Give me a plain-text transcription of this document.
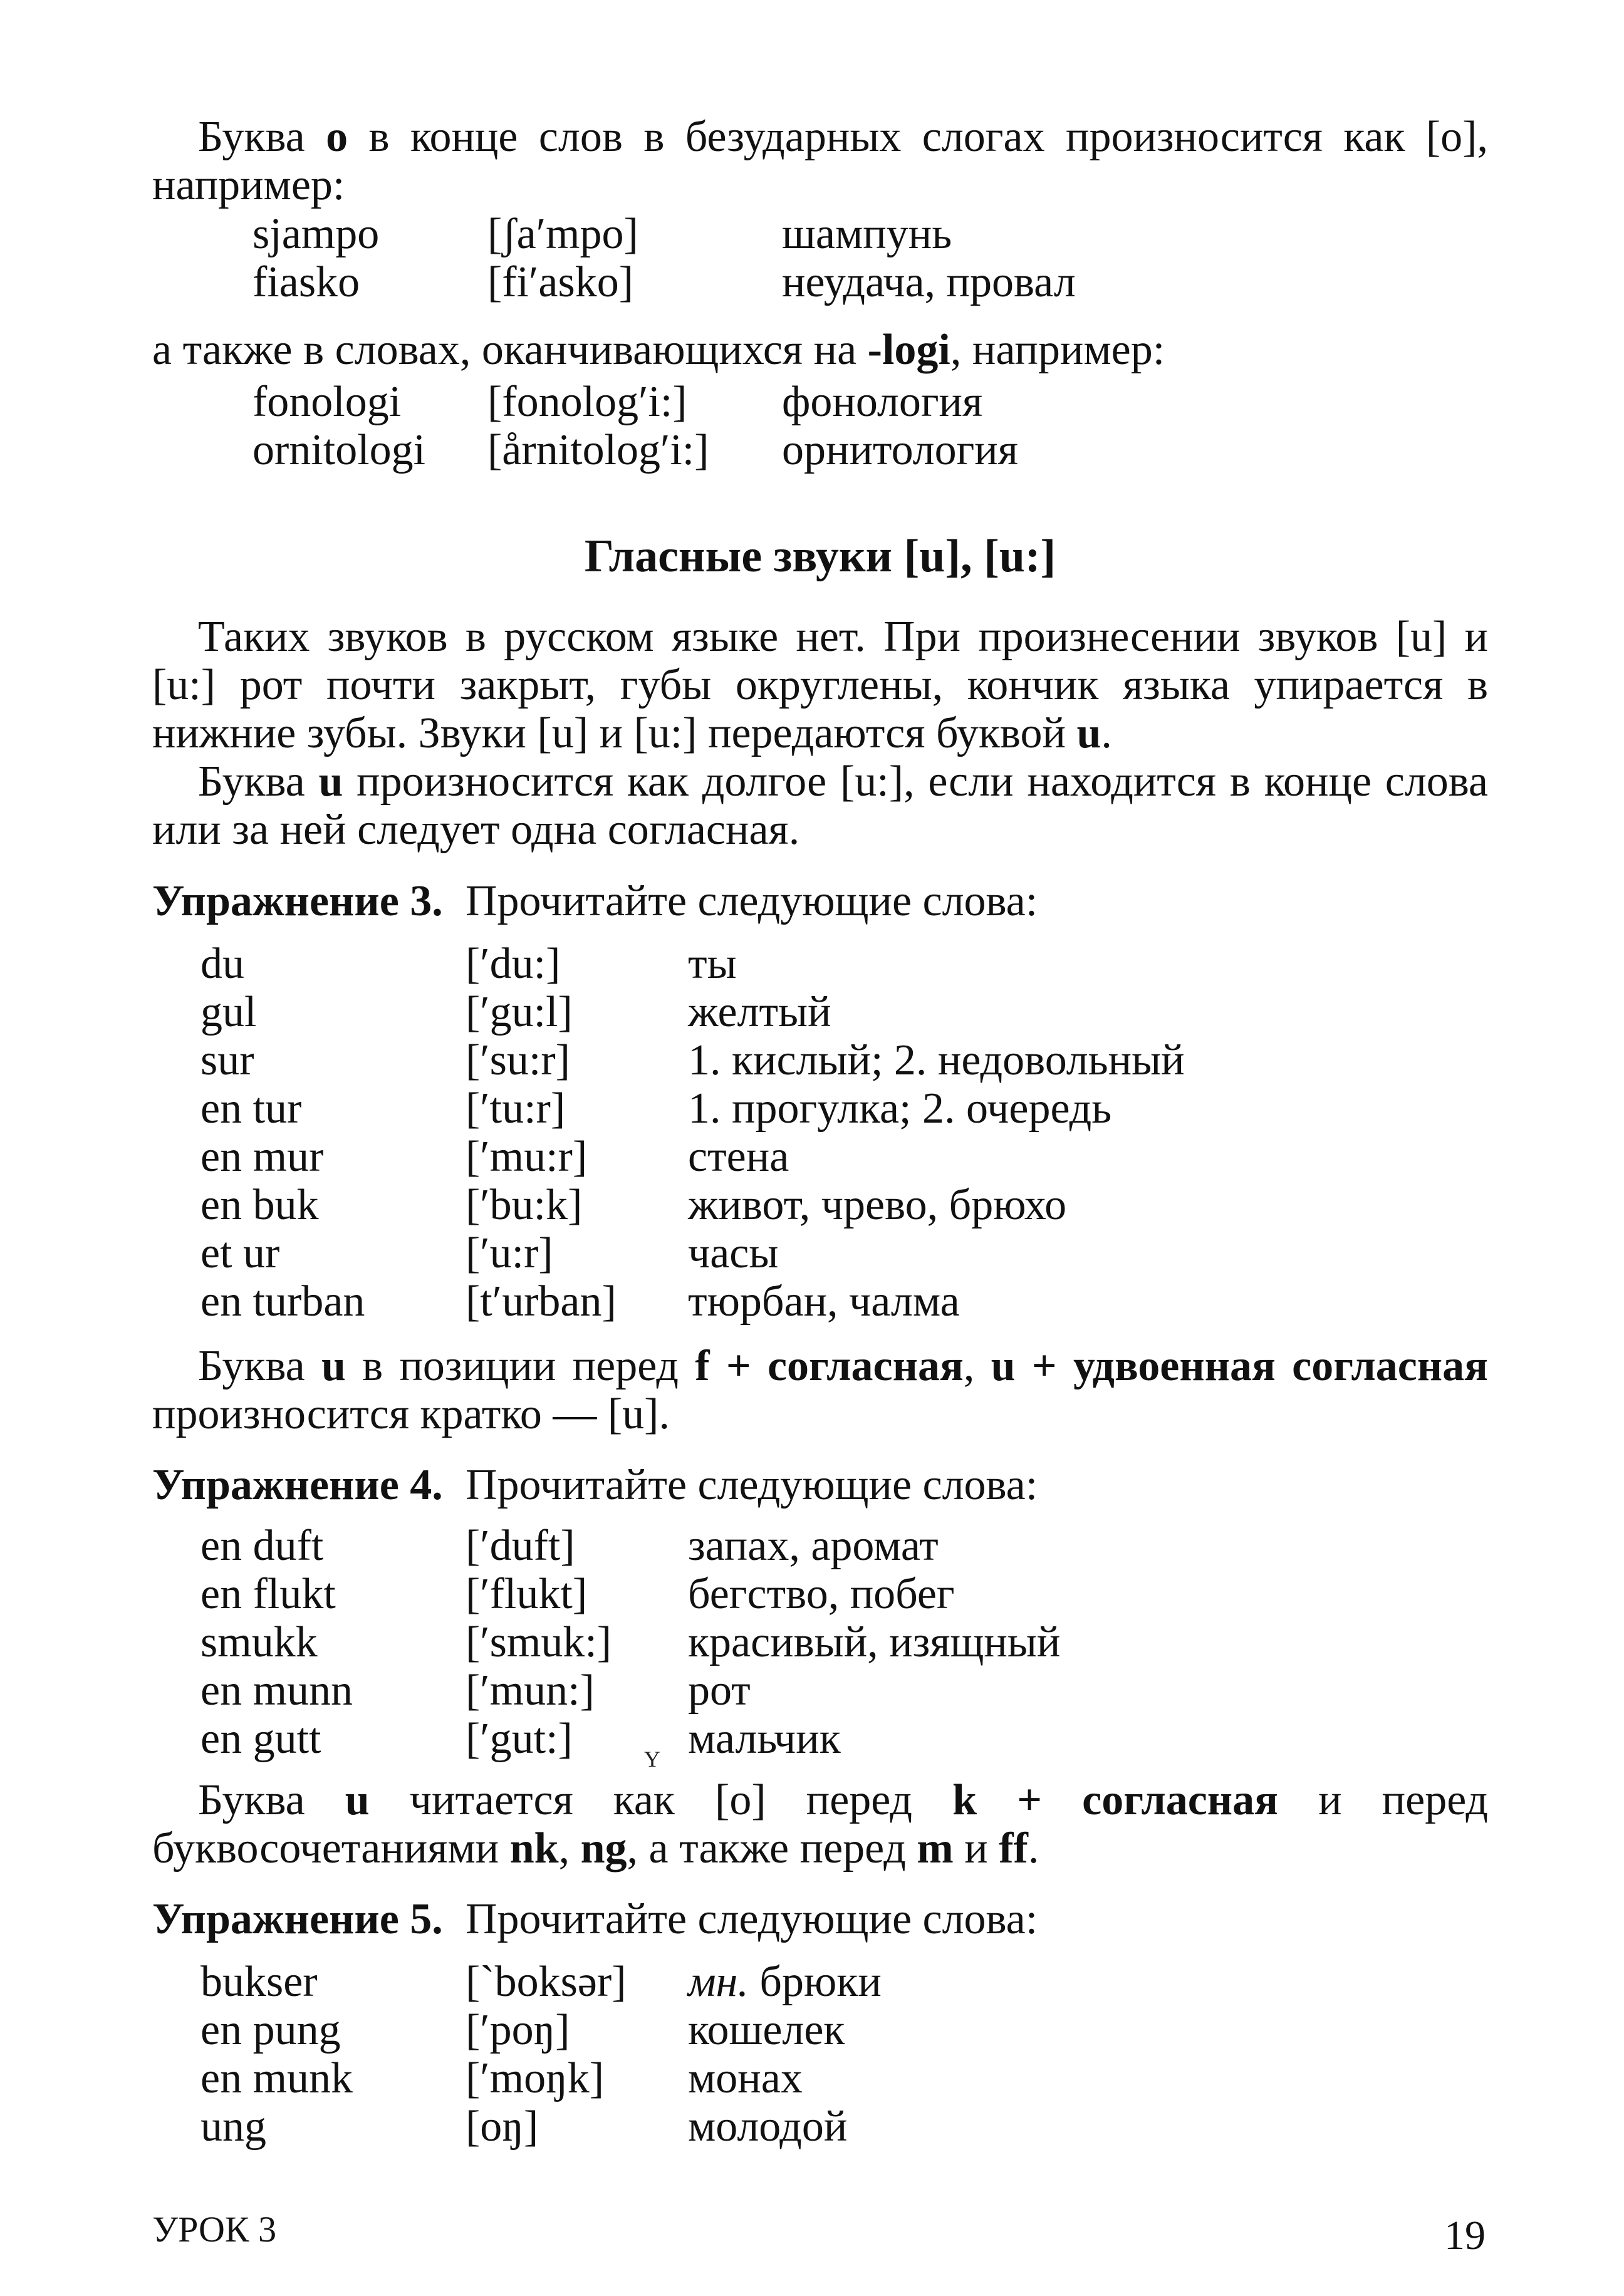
Буква o в конце слов в безударных слогах произносится как [o], например:

sjampo [ʃa′mpo]	шампунь
fiasko	[fi′asko]	неудача, провал

а также в словах, оканчивающихся на -logi, например:

fonologi [fonolog′i:] фонология
ornitologi [årnitolog′i:] орнитология
Гласные звуки [u], [u:]

Таких звуков в русском языке нет. При произнесении звуков [u] и [u:] рот почти закрыт, губы округлены, кончик языка упирается в нижние зубы. Звуки [u] и [u:] передаются буквой u.

Буква u произносится как долгое [u:], если находится в конце слова или за ней следует одна согласная.

Упражнение 3. Прочитайте следующие слова:

du	[′du:]	ты
gul	[′gu:l]	желтый
sur	[′su:r]	1. кислый; 2. недовольный
en tur	[′tu:r]	1. прогулка; 2. очередь
en mur	[′mu:r] стена
en buk	[′bu:k] живот, чрево, брюхо
et ur	[′u:r]	часы
en turban [t′urban] тюрбан, чалма

Буква u в позиции перед f + согласная, u + удвоенная согласная произносится кратко — [u].

Упражнение 4. Прочитайте следующие слова:

en duft	[′duft]	запах, аромат
en flukt	[′flukt] бегство, побег
smukk	[′smuk:] красивый, изящный
en munn	[′mun:] рот
en gutt	[′gut:]	мальчик
Y

Буква u читается как [o] перед k + согласная и перед буквосочетаниями nk, ng, а также перед m и ff.

Упражнение 5. Прочитайте следующие слова:

bukser	[ˋboksər] мн. брюки
en pung	[′poŋ]	кошелек
en munk	[′moŋk] монах
ung	[oŋ]	молодой
УРОК 3	19
